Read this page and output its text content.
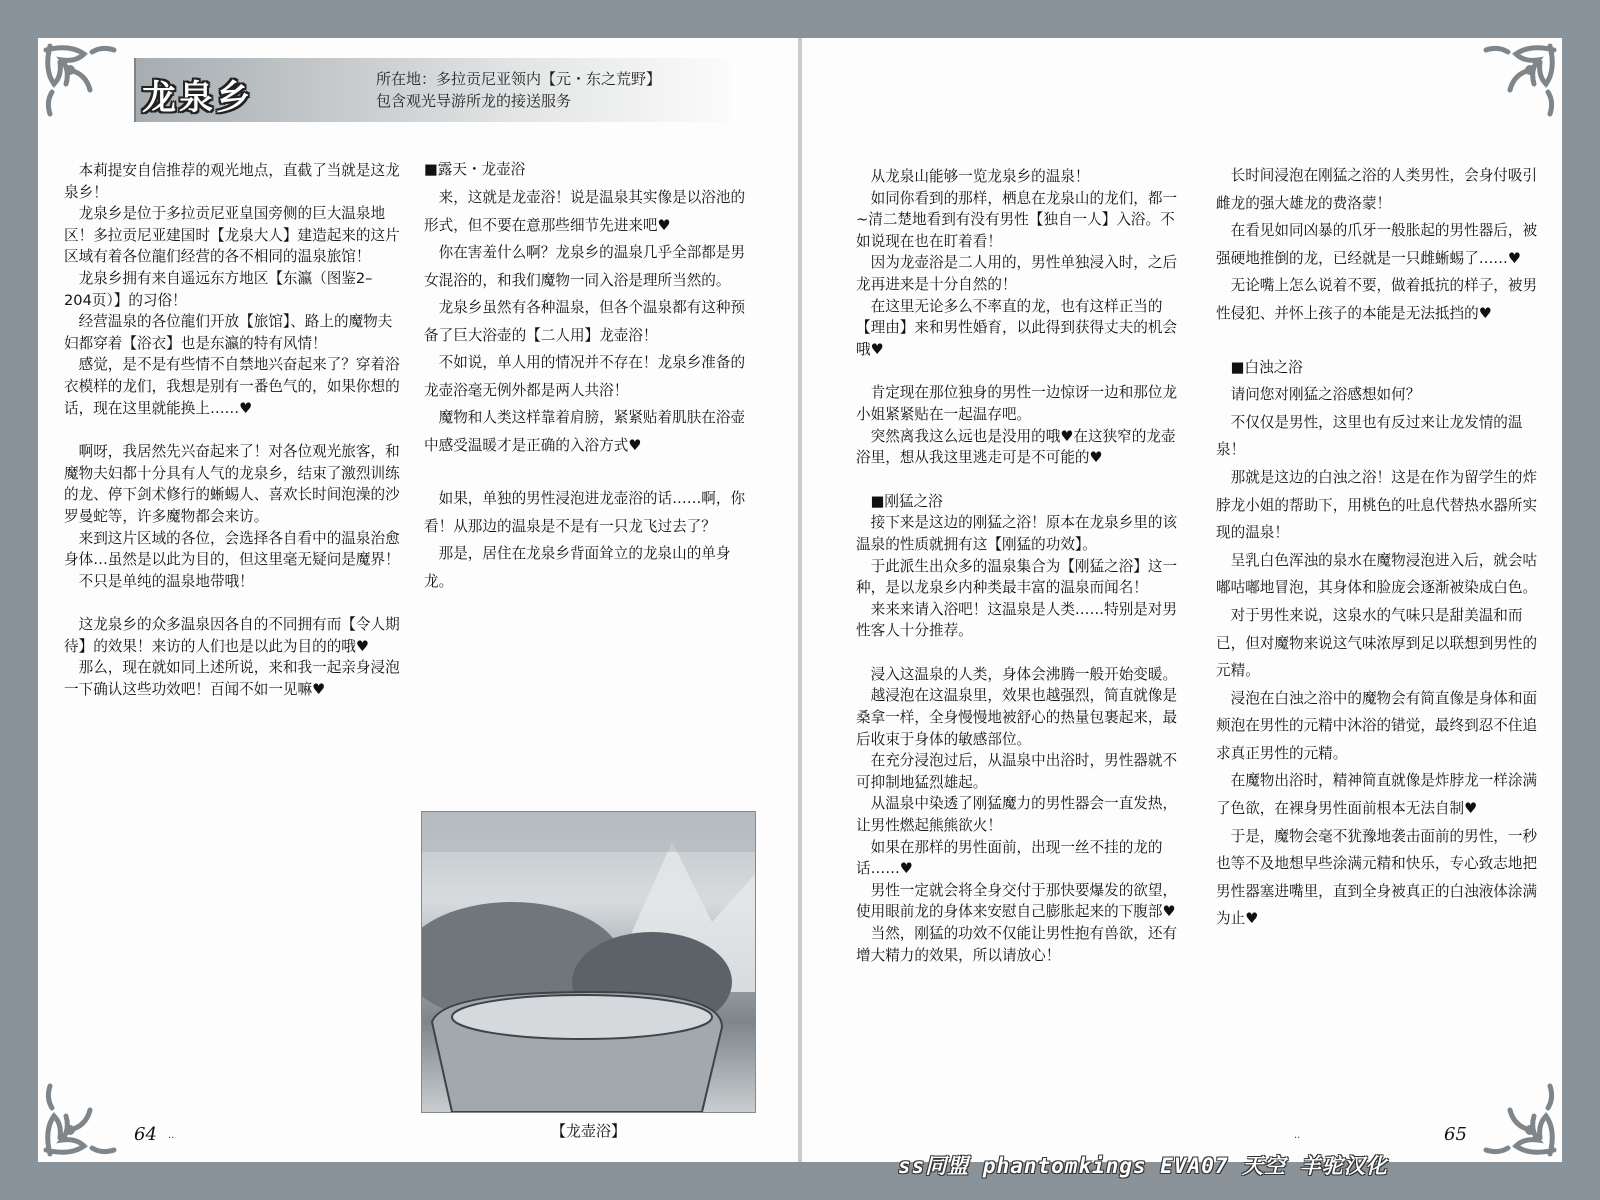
龙泉乡	所在地：多拉贡尼亚领内【元・东之荒野】
包含观光导游所龙的接送服务

　本莉提安自信推荐的观光地点，直截了当就是这龙泉乡！
　龙泉乡是位于多拉贡尼亚皇国旁侧的巨大温泉地区！多拉贡尼亚建国时【龙泉大人】建造起来的这片区域有着各位龍们经营的各不相同的温泉旅馆！
　龙泉乡拥有来自遥远东方地区【东瀛（图鉴2–204页）】的习俗！
　经营温泉的各位龍们开放【旅馆】、路上的魔物夫妇都穿着【浴衣】也是东瀛的特有风情！
　感觉，是不是有些情不自禁地兴奋起来了？穿着浴衣模样的龙们，我想是别有一番色气的，如果你想的话，现在这里就能换上……♥

　啊呀，我居然先兴奋起来了！对各位观光旅客，和魔物夫妇都十分具有人气的龙泉乡，结束了激烈训练的龙、停下剑术修行的蜥蜴人、喜欢长时间泡澡的沙罗曼蛇等，许多魔物都会来访。
　来到这片区域的各位，会选择各自看中的温泉治愈身体…虽然是以此为目的，但这里毫无疑问是魔界！
　不只是单纯的温泉地带哦！

　这龙泉乡的众多温泉因各自的不同拥有而【令人期待】的效果！来访的人们也是以此为目的的哦♥
　那么，现在就如同上述所说，来和我一起亲身浸泡一下确认这些功效吧！百闻不如一见嘛♥

■露天・龙壶浴

　来，这就是龙壶浴！说是温泉其实像是以浴池的形式，但不要在意那些细节先进来吧♥
　你在害羞什么啊？龙泉乡的温泉几乎全部都是男女混浴的，和我们魔物一同入浴是理所当然的。
　龙泉乡虽然有各种温泉，但各个温泉都有这种预备了巨大浴壶的【二人用】龙壶浴！
　不如说，单人用的情况并不存在！龙泉乡准备的龙壶浴毫无例外都是两人共浴！
　魔物和人类这样靠着肩膀，紧紧贴着肌肤在浴壶中感受温暖才是正确的入浴方式♥

　如果，单独的男性浸泡进龙壶浴的话……啊，你看！从那边的温泉是不是有一只龙飞过去了？
　那是，居住在龙泉乡背面耸立的龙泉山的单身龙。

【龙壶浴】

　从龙泉山能够一览龙泉乡的温泉！
　如同你看到的那样，栖息在龙泉山的龙们，都一~清二楚地看到有没有男性【独自一人】入浴。不如说现在也在盯着看！
　因为龙壶浴是二人用的，男性单独浸入时，之后龙再进来是十分自然的！
　在这里无论多么不率直的龙，也有这样正当的【理由】来和男性婚育，以此得到获得丈夫的机会哦♥

　肯定现在那位独身的男性一边惊讶一边和那位龙小姐紧紧贴在一起温存吧。
　突然离我这么远也是没用的哦♥在这狭窄的龙壶浴里，想从我这里逃走可是不可能的♥

　■刚猛之浴
　接下来是这边的刚猛之浴！原本在龙泉乡里的该温泉的性质就拥有这【刚猛的功效】。
　于此派生出众多的温泉集合为【刚猛之浴】这一种，是以龙泉乡内种类最丰富的温泉而闻名！
　来来来请入浴吧！这温泉是人类……特别是对男性客人十分推荐。

　浸入这温泉的人类，身体会沸腾一般开始变暖。
　越浸泡在这温泉里，效果也越强烈，简直就像是桑拿一样，全身慢慢地被舒心的热量包裹起来，最后收束于身体的敏感部位。
　在充分浸泡过后，从温泉中出浴时，男性器就不可抑制地猛烈雄起。
　从温泉中染透了刚猛魔力的男性器会一直发热，让男性燃起熊熊欲火！
　如果在那样的男性面前，出现一丝不挂的龙的话……♥
　男性一定就会将全身交付于那快要爆发的欲望，使用眼前龙的身体来安慰自己膨胀起来的下腹部♥
　当然，刚猛的功效不仅能让男性抱有兽欲，还有增大精力的效果，所以请放心！

　长时间浸泡在刚猛之浴的人类男性，会身付吸引雌龙的强大雄龙的费洛蒙！
　在看见如同凶暴的爪牙一般胀起的男性器后，被强硬地推倒的龙，已经就是一只雌蜥蜴了……♥
　无论嘴上怎么说着不要，做着抵抗的样子，被男性侵犯、并怀上孩子的本能是无法抵挡的♥

　■白浊之浴
　请问您对刚猛之浴感想如何？
　不仅仅是男性，这里也有反过来让龙发情的温泉！
　那就是这边的白浊之浴！这是在作为留学生的炸脖龙小姐的帮助下，用桃色的吐息代替热水器所实现的温泉！
　呈乳白色浑浊的泉水在魔物浸泡进入后，就会咕嘟咕嘟地冒泡，其身体和脸庞会逐渐被染成白色。
　对于男性来说，这泉水的气味只是甜美温和而已，但对魔物来说这气味浓厚到足以联想到男性的元精。
　浸泡在白浊之浴中的魔物会有简直像是身体和面颊泡在男性的元精中沐浴的错觉，最终到忍不住追求真正男性的元精。
　在魔物出浴时，精神简直就像是炸脖龙一样涂满了色欲，在裸身男性面前根本无法自制♥
　于是，魔物会毫不犹豫地袭击面前的男性，一秒也等不及地想早些涂满元精和快乐，专心致志地把男性器塞进嘴里，直到全身被真正的白浊液体涂满为止♥

64 ..	..	65
ss同盟 phantomkings EVA07 天空 羊驼汉化
